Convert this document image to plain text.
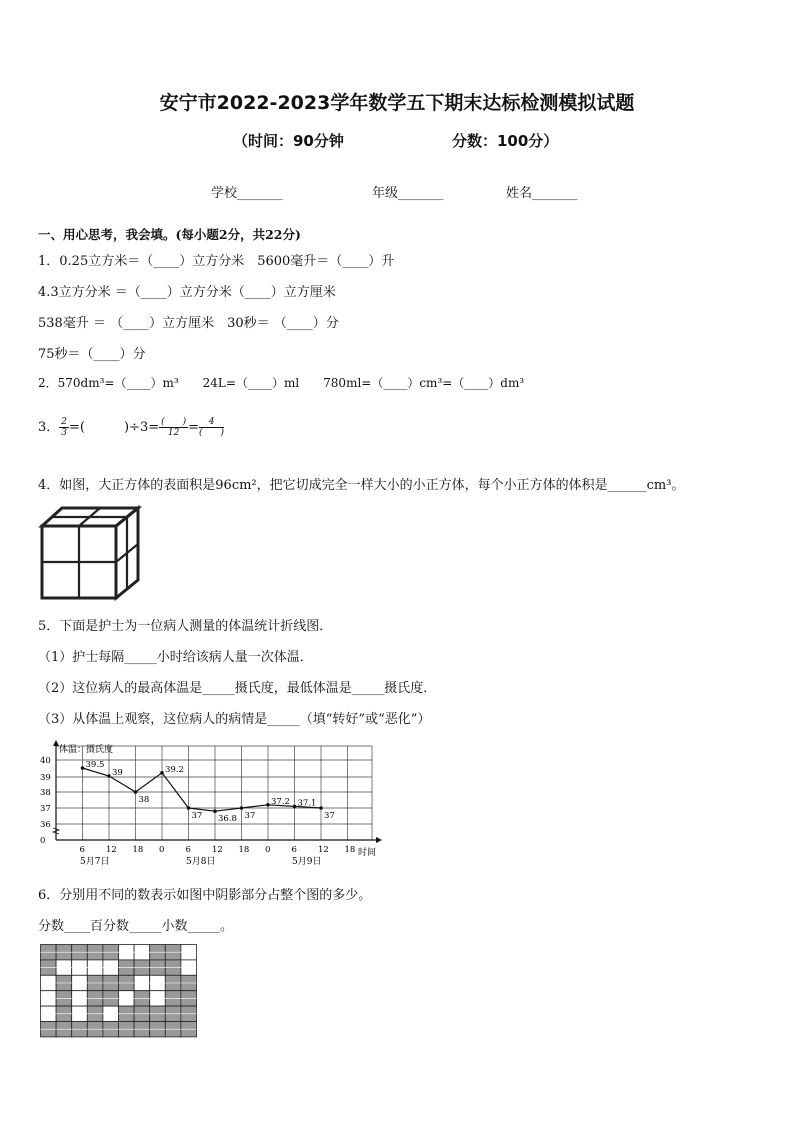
安宁市2022-2023学年数学五下期末达标检测模拟试题
（时间：90分钟	分数：100分）
学校_______	年级_______	姓名_______
一、用心思考，我会填。(每小题2分，共22分)
1．0.25立方米＝（____）立方分米　5600毫升＝（____）升
4.3立方分米 ＝（____）立方分米（____）立方厘米
538毫升 ＝ （____）立方厘米　30秒＝ （____）分
75秒＝（____）分
2．570dm³=（____）m³　　24L=（____）ml　　780ml=（____）cm³=（____）dm³
3． $\frac{2}{3}$ =(　　　)$\div 3= \frac{( )}{12} = \frac{4}{( )}$
4．如图，大正方体的表面积是96cm²，把它切成完全一样大小的小正方体，每个小正方体的体积是______cm³。
5．下面是护士为一位病人测量的体温统计折线图．
（1）护士每隔_____小时给该病人量一次体温．
（2）这位病人的最高体温是_____摄氏度，最低体温是_____摄氏度．
（3）从体温上观察，这位病人的病情是_____（填“转好”或“恶化”）
体温：摄氏度
时间
40
39
38
37
36
0
6 12 18 0 6 12 18 0 6 12 18
5月7日	5月8日	5月9日
39.5
39
38
39.2
37 36.8 37
37.2 37.1
37
6．分别用不同的数表示如图中阴影部分占整个图的多少。
分数____百分数_____小数_____。
